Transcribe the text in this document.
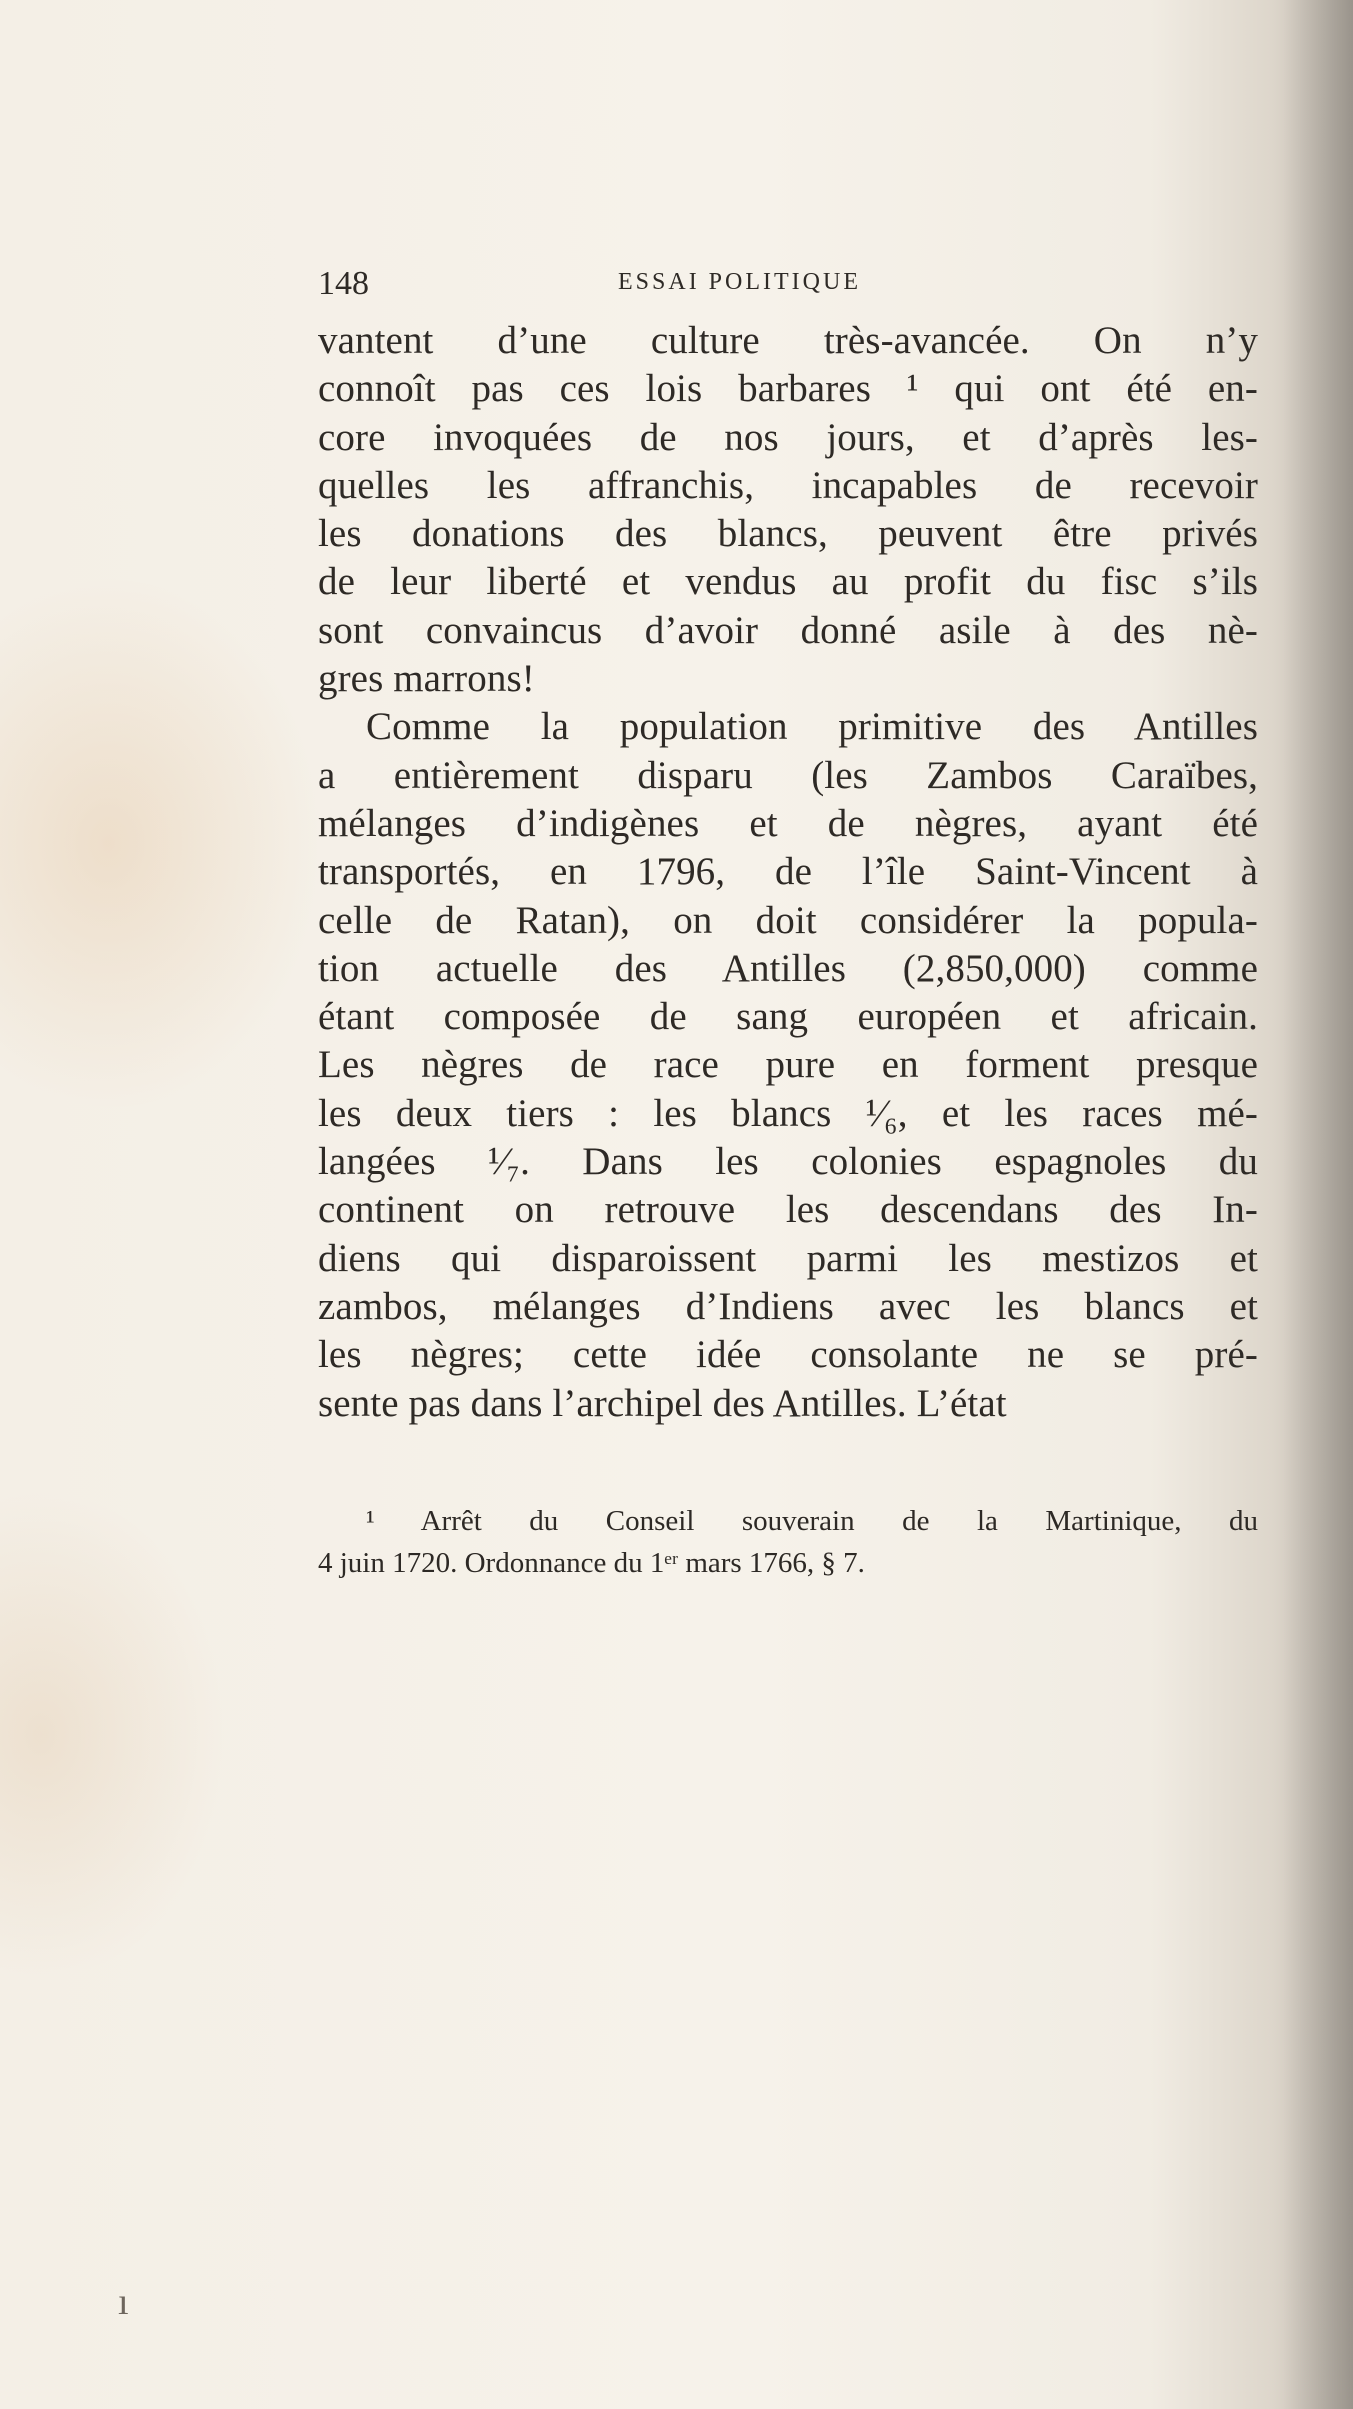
148	ESSAI POLITIQUE
vantent d’une culture très-avancée. On n’y
connoît pas ces lois barbares ¹ qui ont été en-
core invoquées de nos jours, et d’après les-
quelles les affranchis, incapables de recevoir
les donations des blancs, peuvent être privés
de leur liberté et vendus au profit du fisc s’ils
sont convaincus d’avoir donné asile à des nè-
gres marrons!
Comme la population primitive des Antilles
a entièrement disparu (les Zambos Caraïbes,
mélanges d’indigènes et de nègres, ayant été
transportés, en 1796, de l’île Saint-Vincent à
celle de Ratan), on doit considérer la popula-
tion actuelle des Antilles (2,850,000) comme
étant composée de sang européen et africain.
Les nègres de race pure en forment presque
les deux tiers : les blancs ¹⁄₆, et les races mé-
langées ¹⁄₇. Dans les colonies espagnoles du
continent on retrouve les descendans des In-
diens qui disparoissent parmi les mestizos et
zambos, mélanges d’Indiens avec les blancs et
les nègres; cette idée consolante ne se pré-
sente pas dans l’archipel des Antilles. L’état
¹ Arrêt du Conseil souverain de la Martinique, du
4 juin 1720. Ordonnance du 1ᵉʳ mars 1766, § 7.
ı
